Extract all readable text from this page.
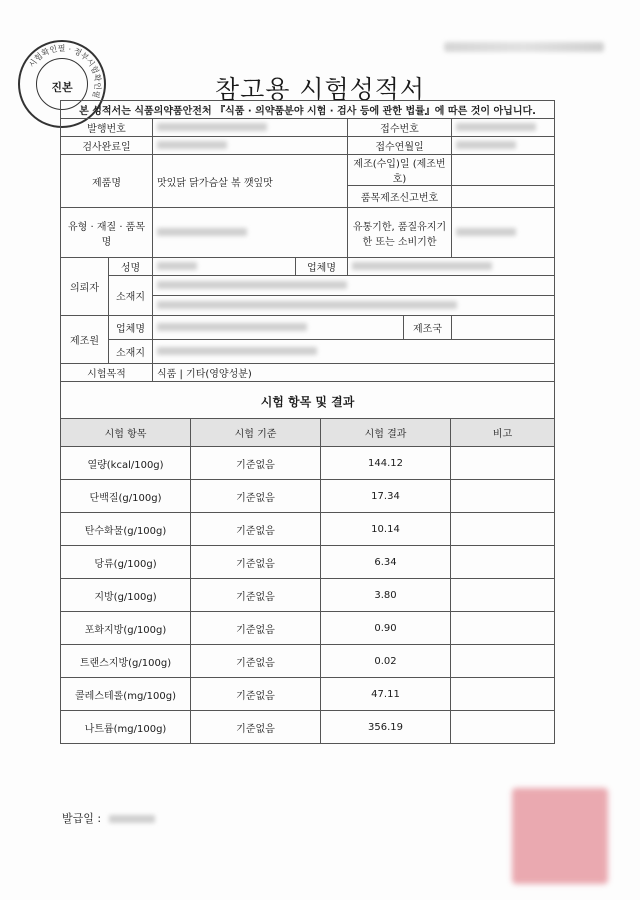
시험확인필 · 정부시험확인필
진본	참고용 시험성적서
본 성적서는 식품의약품안전처 『식품 · 의약품분야 시험 · 검사 등에 관한 법률』에 따른 것이 아닙니다.						
발행번호				접수번호		
검사완료일				접수연월일		
제품명		맛있닭 닭가슴살 볶 깻잎맛		제조(수입)일 (제조번호)		
				품목제조신고번호		
유형 · 재질 · 품목명				유통기한, 품질유지기한 또는 소비기한		
의뢰자	성명		업체명			
	소재지					

제조원	업체명				제조국	
	소재지					
시험목적		식품 | 기타(영양성분)				
시험 항목 및 결과						
시험 항목	시험 기준	시험 결과	비고
열량(kcal/100g)	기준없음	144.12	
단백질(g/100g)	기준없음	17.34	
탄수화물(g/100g)	기준없음	10.14	
당류(g/100g)	기준없음	6.34	
지방(g/100g)	기준없음	3.80	
포화지방(g/100g)	기준없음	0.90	
트랜스지방(g/100g)	기준없음	0.02	
콜레스테롤(mg/100g)	기준없음	47.11	
나트륨(mg/100g)	기준없음	356.19	
발급일 :
